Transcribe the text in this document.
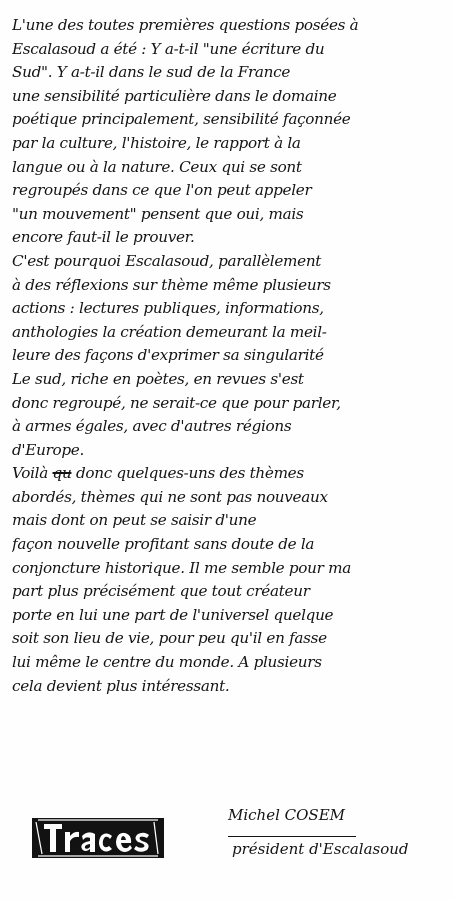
L'une des toutes premières questions posées à
Escalasoud a été : Y a-t-il "une écriture du
Sud". Y a-t-il dans le sud de la France
une sensibilité particulière dans le domaine
poétique principalement, sensibilité façonnée
par la culture, l'histoire, le rapport à la
langue ou à la nature. Ceux qui se sont
regroupés dans ce que l'on peut appeler
"un mouvement" pensent que oui, mais
encore faut-il le prouver.
C'est pourquoi Escalasoud, parallèlement
à des réflexions sur thème même plusieurs
actions : lectures publiques, informations,
anthologies la création demeurant la meil-
leure des façons d'exprimer sa singularité
Le sud, riche en poètes, en revues s'est
donc regroupé, ne serait-ce que pour parler,
à armes égales, avec d'autres régions
d'Europe.
Voilà qu donc quelques-uns des thèmes
abordés, thèmes qui ne sont pas nouveaux
mais dont on peut se saisir d'une
façon nouvelle profitant sans doute de la
conjoncture historique. Il me semble pour ma
part plus précisément que tout créateur
porte en lui une part de l'universel quelque
soit son lieu de vie, pour peu qu'il en fasse
lui même le centre du monde. A plusieurs
cela devient plus intéressant.
Michel COSEM
président d'Escalasoud
